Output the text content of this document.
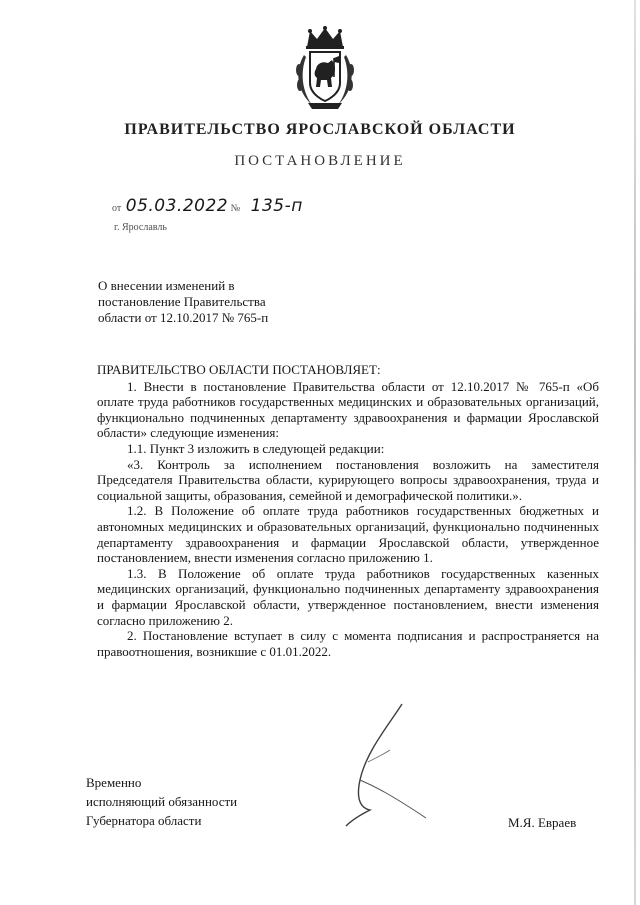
ПРАВИТЕЛЬСТВО ЯРОСЛАВСКОЙ ОБЛАСТИ
ПОСТАНОВЛЕНИЕ
от 05.03.2022 № 135-п
г. Ярославль
О внесении изменений в
постановление Правительства
области от 12.10.2017 № 765-п

ПРАВИТЕЛЬСТВО ОБЛАСТИ ПОСТАНОВЛЯЕТ:

1. Внести в постановление Правительства области от 12.10.2017 № 765-п «Об оплате труда работников государственных медицинских и образовательных организаций, функционально подчиненных департаменту здравоохранения и фармации Ярославской области» следующие изменения:

1.1. Пункт 3 изложить в следующей редакции:

«3. Контроль за исполнением постановления возложить на заместителя Председателя Правительства области, курирующего вопросы здравоохранения, труда и социальной защиты, образования, семейной и демографической политики.».

1.2. В Положение об оплате труда работников государственных бюджетных и автономных медицинских и образовательных организаций, функционально подчиненных департаменту здравоохранения и фармации Ярославской области, утвержденное постановлением, внести изменения согласно приложению 1.

1.3. В Положение об оплате труда работников государственных казенных медицинских организаций, функционально подчиненных департаменту здравоохранения и фармации Ярославской области, утвержденное постановлением, внести изменения согласно приложению 2.

2. Постановление вступает в силу с момента подписания и распространяется на правоотношения, возникшие с 01.01.2022.

Временно
исполняющий обязанности
Губернатора области	М.Я. Евраев
